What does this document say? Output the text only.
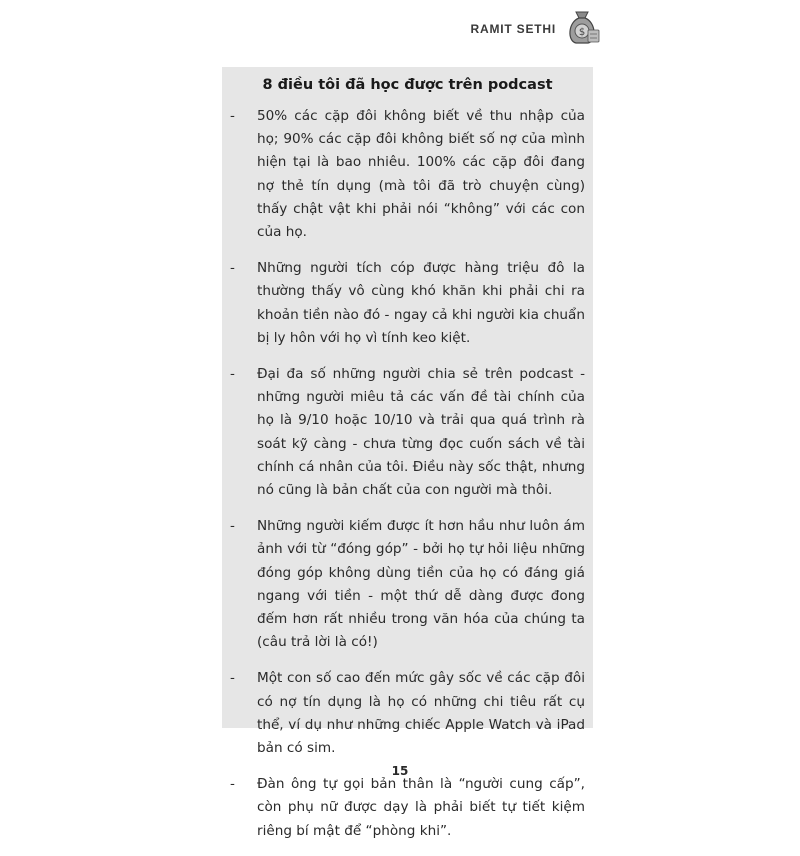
RAMIT SETHI $
8 điều tôi đã học được trên podcast
- 50% các cặp đôi không biết về thu nhập của họ; 90% các cặp đôi không biết số nợ của mình hiện tại là bao nhiêu. 100% các cặp đôi đang nợ thẻ tín dụng (mà tôi đã trò chuyện cùng) thấy chật vật khi phải nói “không” với các con của họ.
- Những người tích cóp được hàng triệu đô la thường thấy vô cùng khó khăn khi phải chi ra khoản tiền nào đó - ngay cả khi người kia chuẩn bị ly hôn với họ vì tính keo kiệt.
- Đại đa số những người chia sẻ trên podcast - những người miêu tả các vấn đề tài chính của họ là 9/10 hoặc 10/10 và trải qua quá trình rà soát kỹ càng - chưa từng đọc cuốn sách về tài chính cá nhân của tôi. Điều này sốc thật, nhưng nó cũng là bản chất của con người mà thôi.
- Những người kiếm được ít hơn hầu như luôn ám ảnh với từ “đóng góp” - bởi họ tự hỏi liệu những đóng góp không dùng tiền của họ có đáng giá ngang với tiền - một thứ dễ dàng được đong đếm hơn rất nhiều trong văn hóa của chúng ta (câu trả lời là có!)
- Một con số cao đến mức gây sốc về các cặp đôi có nợ tín dụng là họ có những chi tiêu rất cụ thể, ví dụ như những chiếc Apple Watch và iPad bản có sim.
- Đàn ông tự gọi bản thân là “người cung cấp”, còn phụ nữ được dạy là phải biết tự tiết kiệm riêng bí mật để “phòng khi”.
15
